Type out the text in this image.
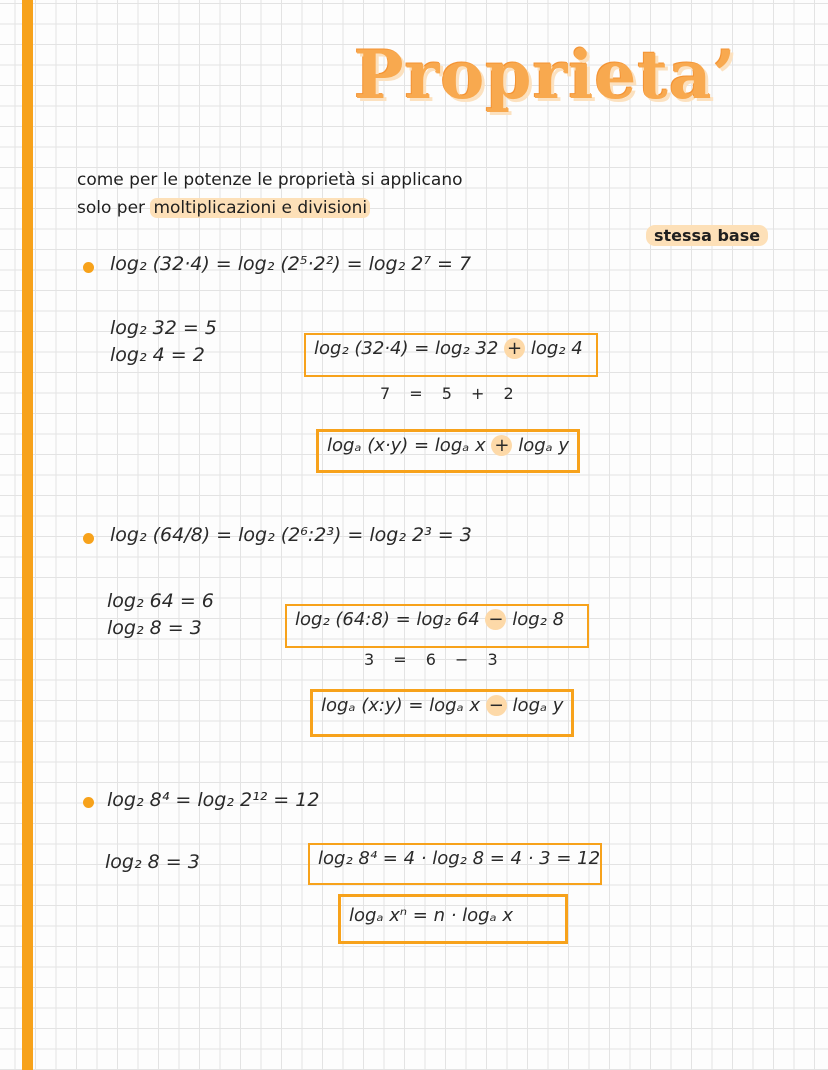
Proprieta’
come per le potenze le proprietà si applicano
solo per moltiplicazioni e divisioni
stessa base
log₂ (32·4) = log₂ (2⁵·2²) = log₂ 2⁷ = 7
log₂ 32 = 5
log₂ 4 = 2	log₂ (32·4) = log₂ 32 + log₂ 4
7 = 5 + 2
logₐ (x·y) = logₐ x + logₐ y
log₂ (64/8) = log₂ (2⁶:2³) = log₂ 2³ = 3
log₂ 64 = 6
log₂ 8 = 3	log₂ (64:8) = log₂ 64 − log₂ 8
3 = 6 − 3
logₐ (x:y) = logₐ x − logₐ y
log₂ 8⁴ = log₂ 2¹² = 12
log₂ 8 = 3	log₂ 8⁴ = 4 · log₂ 8 = 4 · 3 = 12
logₐ xⁿ = n · logₐ x
